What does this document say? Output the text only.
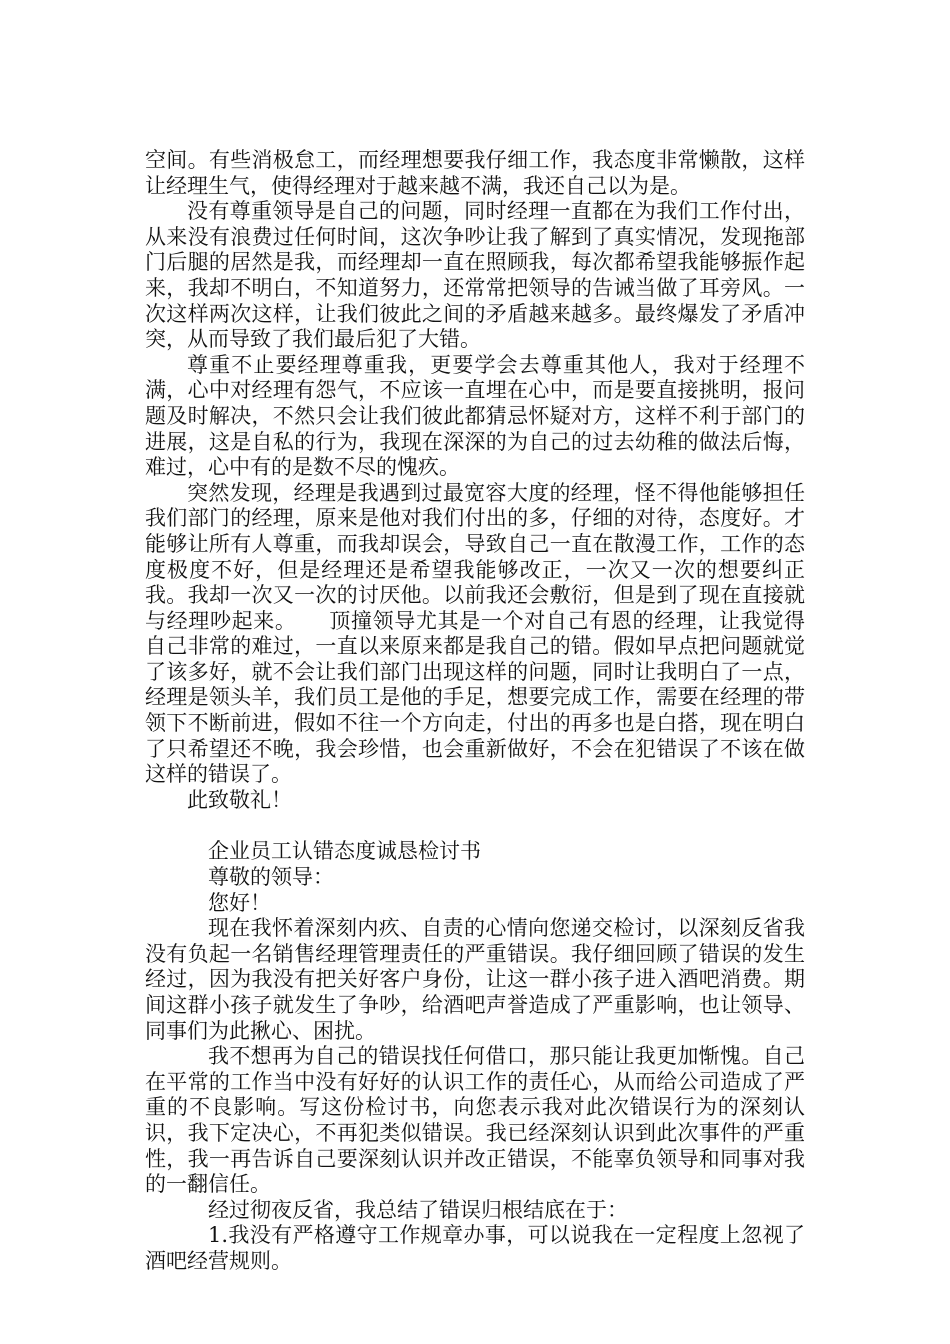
空间。有些消极怠工，而经理想要我仔细工作，我态度非常懒散，这样让经理生气，使得经理对于越来越不满，我还自己以为是。

没有尊重领导是自己的问题，同时经理一直都在为我们工作付出，从来没有浪费过任何时间，这次争吵让我了解到了真实情况，发现拖部门后腿的居然是我，而经理却一直在照顾我，每次都希望我能够振作起来，我却不明白，不知道努力，还常常把领导的告诫当做了耳旁风。一次这样两次这样，让我们彼此之间的矛盾越来越多。最终爆发了矛盾冲突，从而导致了我们最后犯了大错。

尊重不止要经理尊重我，更要学会去尊重其他人，我对于经理不满，心中对经理有怨气，不应该一直埋在心中，而是要直接挑明，报问题及时解决，不然只会让我们彼此都猜忌怀疑对方，这样不利于部门的进展，这是自私的行为，我现在深深的为自己的过去幼稚的做法后悔，难过，心中有的是数不尽的愧疚。

突然发现，经理是我遇到过最宽容大度的经理，怪不得他能够担任我们部门的经理，原来是他对我们付出的多，仔细的对待，态度好。才能够让所有人尊重，而我却误会，导致自己一直在散漫工作，工作的态度极度不好，但是经理还是希望我能够改正，一次又一次的想要纠正我。我却一次又一次的讨厌他。以前我还会敷衍，但是到了现在直接就与经理吵起来。　　顶撞领导尤其是一个对自己有恩的经理，让我觉得自己非常的难过，一直以来原来都是我自己的错。假如早点把问题就觉了该多好，就不会让我们部门出现这样的问题，同时让我明白了一点，经理是领头羊，我们员工是他的手足，想要完成工作，需要在经理的带领下不断前进，假如不往一个方向走，付出的再多也是白搭，现在明白了只希望还不晚，我会珍惜，也会重新做好，不会在犯错误了不该在做这样的错误了。

此致敬礼！

企业员工认错态度诚恳检讨书

尊敬的领导：

您好！

现在我怀着深刻内疚、自责的心情向您递交检讨，以深刻反省我没有负起一名销售经理管理责任的严重错误。我仔细回顾了错误的发生经过，因为我没有把关好客户身份，让这一群小孩子进入酒吧消费。期间这群小孩子就发生了争吵，给酒吧声誉造成了严重影响，也让领导、同事们为此揪心、困扰。

我不想再为自己的错误找任何借口，那只能让我更加惭愧。自己在平常的工作当中没有好好的认识工作的责任心，从而给公司造成了严重的不良影响。写这份检讨书，向您表示我对此次错误行为的深刻认识，我下定决心，不再犯类似错误。我已经深刻认识到此次事件的严重性，我一再告诉自己要深刻认识并改正错误，不能辜负领导和同事对我的一翻信任。

经过彻夜反省，我总结了错误归根结底在于：

1.我没有严格遵守工作规章办事，可以说我在一定程度上忽视了酒吧经营规则。
